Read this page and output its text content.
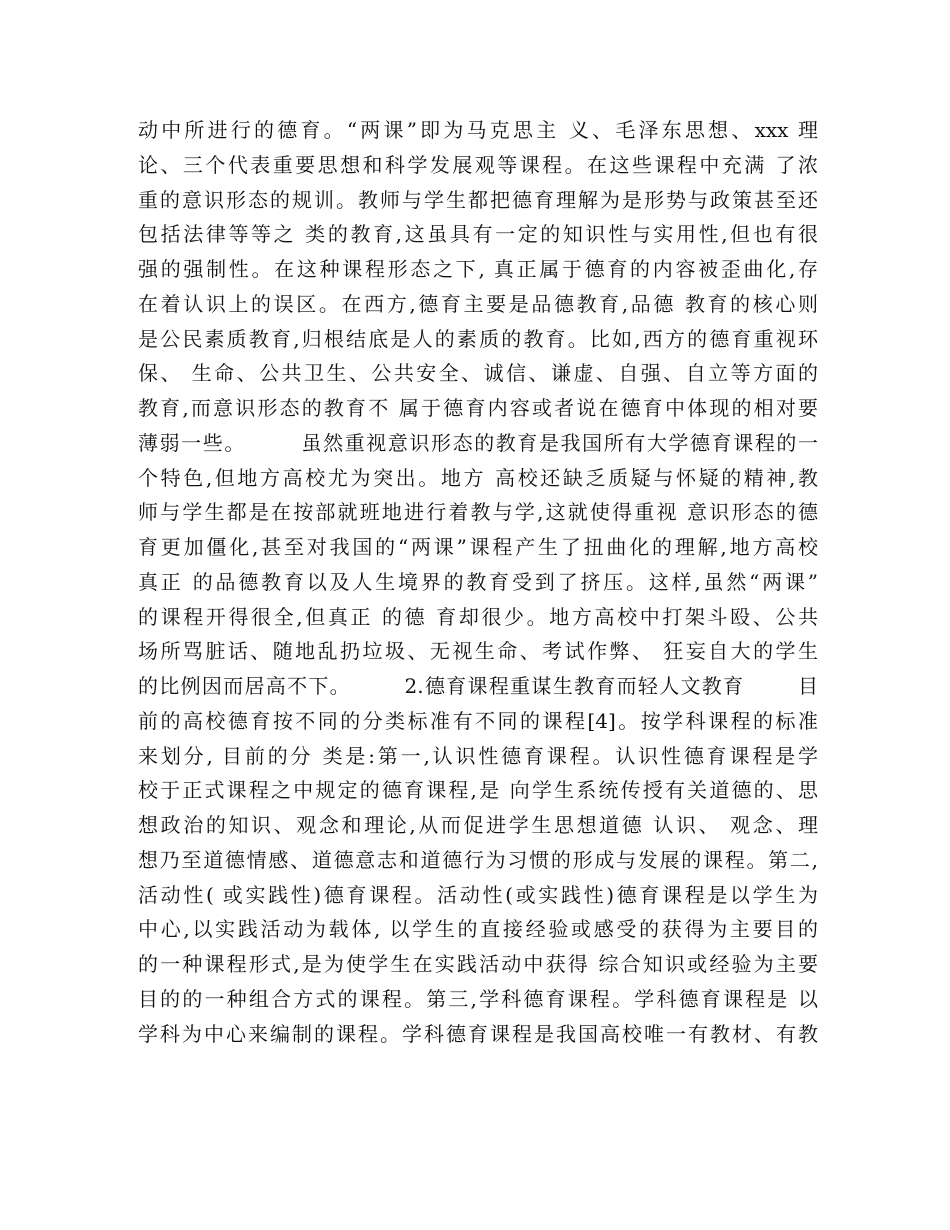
动中所进行的德育。“两课”即为马克思主 义、毛泽东思想、xxx 理
论、三个代表重要思想和科学发展观等课程。在这些课程中充满 了浓
重的意识形态的规训。教师与学生都把德育理解为是形势与政策甚至还
包括法律等等之 类的教育,这虽具有一定的知识性与实用性,但也有很
强的强制性。在这种课程形态之下, 真正属于德育的内容被歪曲化,存
在着认识上的误区。在西方,德育主要是品德教育,品德 教育的核心则
是公民素质教育,归根结底是人的素质的教育。比如,西方的德育重视环
保、 生命、公共卫生、公共安全、诚信、谦虚、自强、自立等方面的
教育,而意识形态的教育不 属于德育内容或者说在德育中体现的相对要
薄弱一些。       虽然重视意识形态的教育是我国所有大学德育课程的一
个特色,但地方高校尤为突出。地方 高校还缺乏质疑与怀疑的精神,教
师与学生都是在按部就班地进行着教与学,这就使得重视 意识形态的德
育更加僵化,甚至对我国的“两课”课程产生了扭曲化的理解,地方高校
真正 的品德教育以及人生境界的教育受到了挤压。这样,虽然“两课”
的课程开得很全,但真正 的德 育却很少。地方高校中打架斗殴、公共
场所骂脏话、随地乱扔垃圾、无视生命、考试作弊、 狂妄自大的学生
的比例因而居高不下。       2.德育课程重谋生教育而轻人文教育       目
前的高校德育按不同的分类标准有不同的课程[4]。按学科课程的标准
来划分, 目前的分 类是:第一,认识性德育课程。认识性德育课程是学
校于正式课程之中规定的德育课程,是 向学生系统传授有关道德的、思
想政治的知识、观念和理论,从而促进学生思想道德 认识、 观念、理
想乃至道德情感、道德意志和道德行为习惯的形成与发展的课程。第二,
活动性( 或实践性)德育课程。活动性(或实践性)德育课程是以学生为
中心,以实践活动为载体, 以学生的直接经验或感受的获得为主要目的
的一种课程形式,是为使学生在实践活动中获得 综合知识或经验为主要
目的的一种组合方式的课程。第三,学科德育课程。学科德育课程是 以
学科为中心来编制的课程。学科德育课程是我国高校唯一有教材、有教
